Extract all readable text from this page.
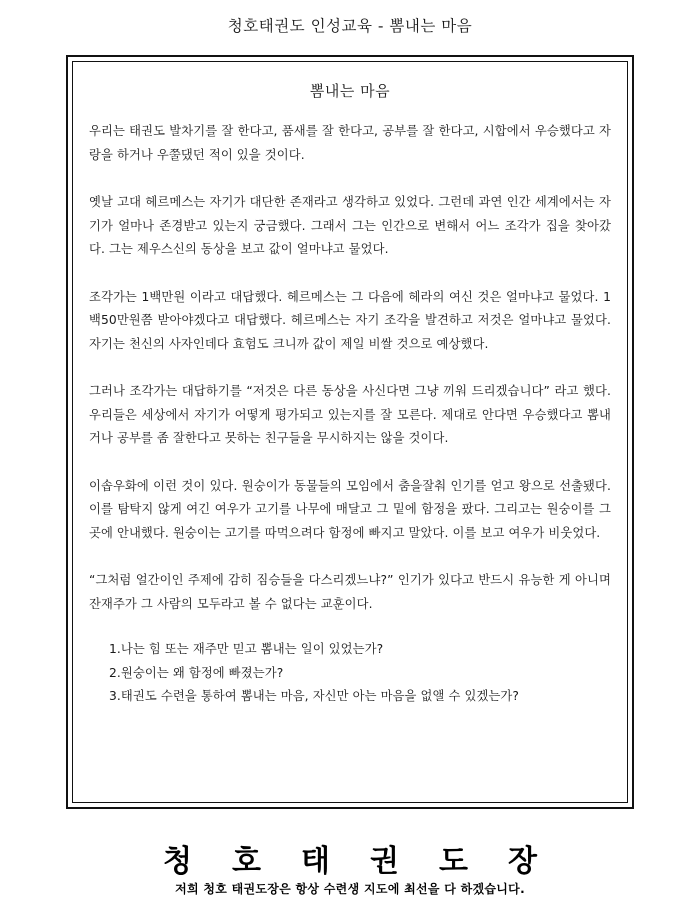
청호태권도 인성교육 - 뽐내는 마음
뽐내는 마음

우리는 태권도 발차기를 잘 한다고, 품새를 잘 한다고, 공부를 잘 한다고, 시합에서 우승했다고 자랑을 하거나 우쭐댔던 적이 있을 것이다.

옛날 고대 헤르메스는 자기가 대단한 존재라고 생각하고 있었다. 그런데 과연 인간 세계에서는 자기가 얼마나 존경받고 있는지 궁금했다. 그래서 그는 인간으로 변해서 어느 조각가 집을 찾아갔다. 그는 제우스신의 동상을 보고 값이 얼마냐고 물었다.

조각가는 1백만원 이라고 대답했다. 헤르메스는 그 다음에 헤라의 여신 것은 얼마냐고 물었다. 1백50만원쯤 받아야겠다고 대답했다. 헤르메스는 자기 조각을 발견하고 저것은 얼마냐고 물었다. 자기는 천신의 사자인데다 효험도 크니까 값이 제일 비쌀 것으로 예상했다.

그러나 조각가는 대답하기를 “저것은 다른 동상을 사신다면 그냥 끼워 드리겠습니다” 라고 했다. 우리들은 세상에서 자기가 어떻게 평가되고 있는지를 잘 모른다. 제대로 안다면 우승했다고 뽐내거나 공부를 좀 잘한다고 못하는 친구들을 무시하지는 않을 것이다.

이솝우화에 이런 것이 있다. 원숭이가 동물들의 모임에서 춤을잘춰 인기를 얻고 왕으로 선출됐다. 이를 탐탁지 않게 여긴 여우가 고기를 나무에 매달고 그 밑에 함정을 팠다. 그리고는 원숭이를 그곳에 안내했다. 원숭이는 고기를 따먹으려다 함정에 빠지고 말았다. 이를 보고 여우가 비웃었다.

“그처럼 얼간이인 주제에 감히 짐승들을 다스리겠느냐?” 인기가 있다고 반드시 유능한 게 아니며 잔재주가 그 사람의 모두라고 볼 수 없다는 교훈이다.

1.나는 힘 또는 재주만 믿고 뽐내는 일이 있었는가?
2.원숭이는 왜 함정에 빠졌는가?
3.태권도 수련을 통하여 뽐내는 마음, 자신만 아는 마음을 없앨 수 있겠는가?
청호태권도장
저희 청호 태권도장은 항상 수련생 지도에 최선을 다 하겠습니다.
